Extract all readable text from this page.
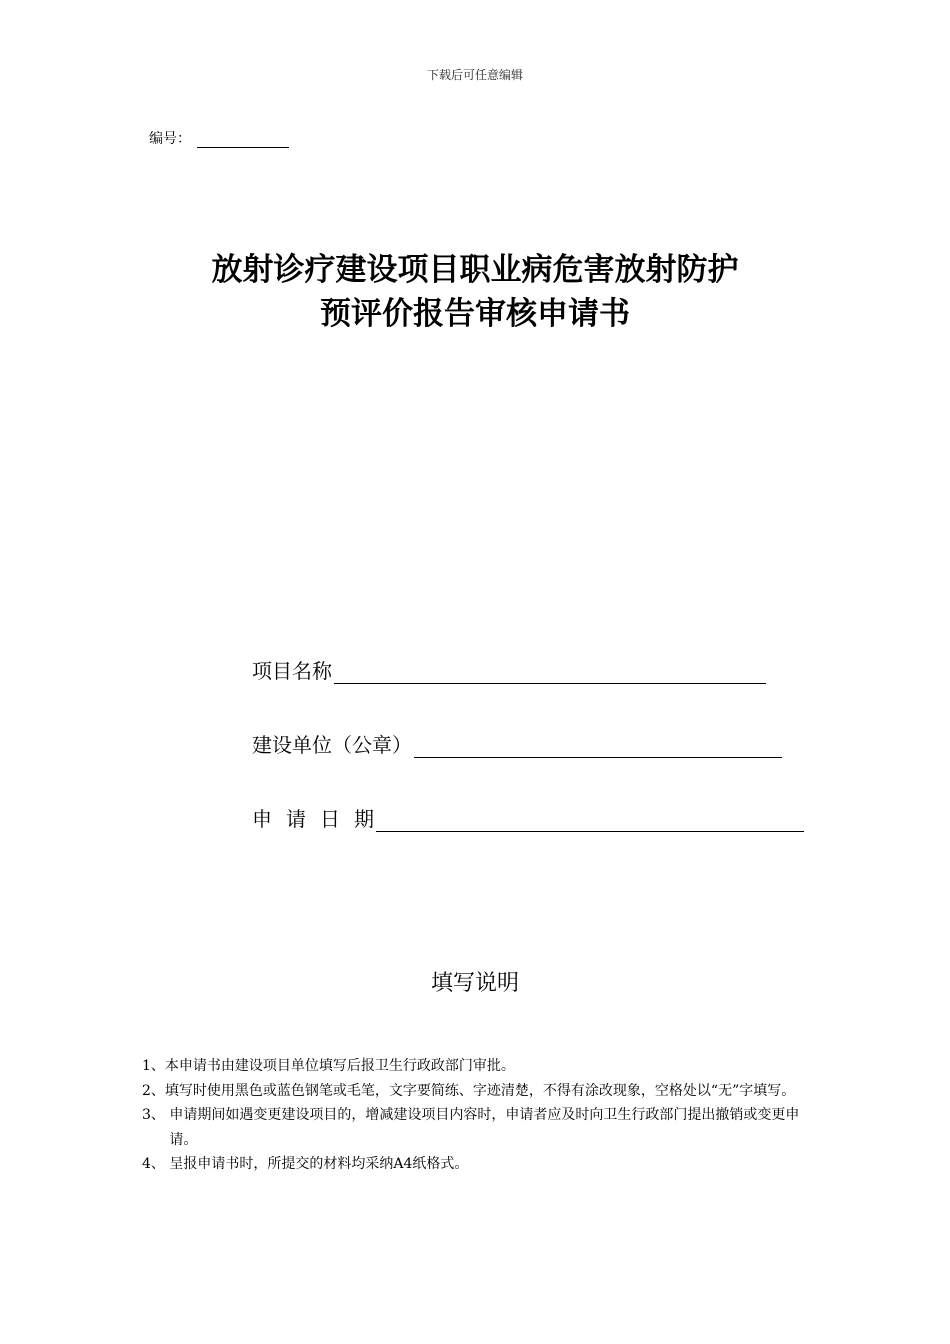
下载后可任意编辑
编号：
放射诊疗建设项目职业病危害放射防护
预评价报告审核申请书
项目名称
建设单位（公章）
申请日期
填写说明
1、 本申请书由建设项目单位填写后报卫生行政政部门审批。
2、 填写时使用黑色或蓝色钢笔或毛笔，文字要简练、字迹清楚，不得有涂改现象，空格处以“无”字填写。
3、 申请期间如遇变更建设项目的，增减建设项目内容时，申请者应及时向卫生行政部门提出撤销或变更申请。
4、 呈报申请书时，所提交的材料均采纳A4纸格式。
